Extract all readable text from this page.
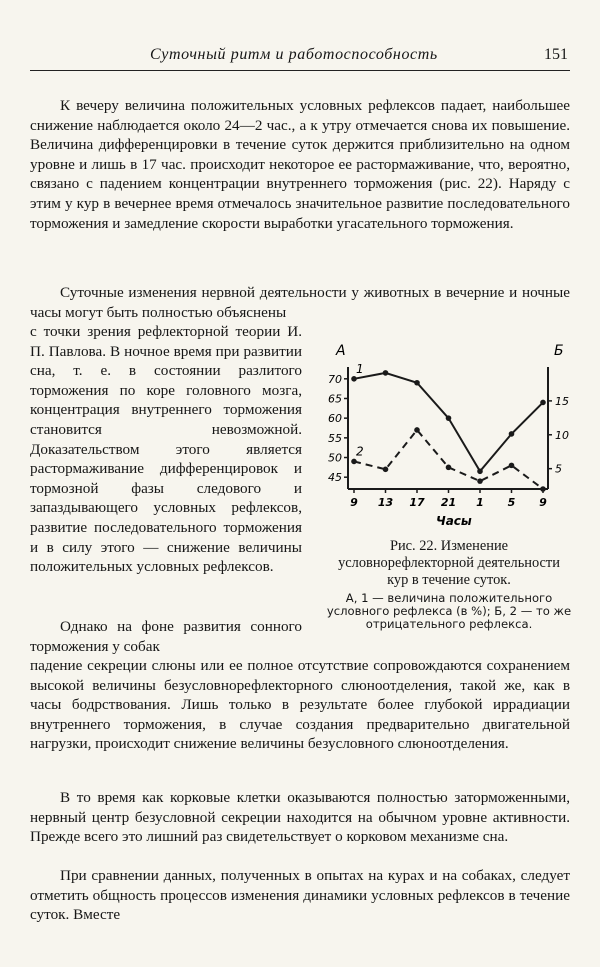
Суточный ритм и работоспособность	151

К вечеру величина положительных условных рефлексов падает, наибольшее снижение наблюдается около 24—2 час., а к утру отмечается снова их повышение. Величина дифференцировки в течение суток держится приблизительно на одном уровне и лишь в 17 час. происходит некоторое ее растормаживание, что, вероятно, связано с падением концентрации внутреннего торможения (рис. 22). Наряду с этим у кур в вечернее время отмечалось значительное развитие последовательного торможения и замедление скорости выработки угасательного торможения.

Суточные изменения нервной деятельности у животных в вечерние и ночные часы могут быть полностью объяснены

с точки зрения рефлекторной теории И. П. Павлова. В ночное время при развитии сна, т. е. в состоянии разлитого торможения по коре головного мозга, концентрация внутреннего торможения становится невозможной. Доказательством этого является растормаживание дифференцировок и тормозной фазы следового и запаздывающего условных рефлексов, развитие последовательного торможения и в силу этого — снижение величины положительных условных рефлексов.

Однако на фоне развития сонного торможения у собак

падение секреции слюны или ее полное отсутствие сопровождаются сохранением высокой величины безусловнорефлекторного слюноотделения, такой же, как в часы бодрствования. Лишь только в результате более глубокой иррадиации внутреннего торможения, в случае создания предварительно двигательной нагрузки, происходит снижение величины безусловного слюноотделения.

В то время как корковые клетки оказываются полностью заторможенными, нервный центр безусловной секреции находится на обычном уровне активности. Прежде всего это лишний раз свидетельствует о корковом механизме сна.

При сравнении данных, полученных в опытах на курах и на собаках, следует отметить общность процессов изменения динамики условных рефлексов в течение суток. Вместе

А	Б
Часы
45
50
55
60
65
70
5
10
15
9 13 17 21 1 5 9
1
2

Рис. 22. Изменение условнорефлекторной деятельности кур в течение суток.

А, 1 — величина положительного условного рефлекса (в %); Б, 2 — то же отрицательного рефлекса.
